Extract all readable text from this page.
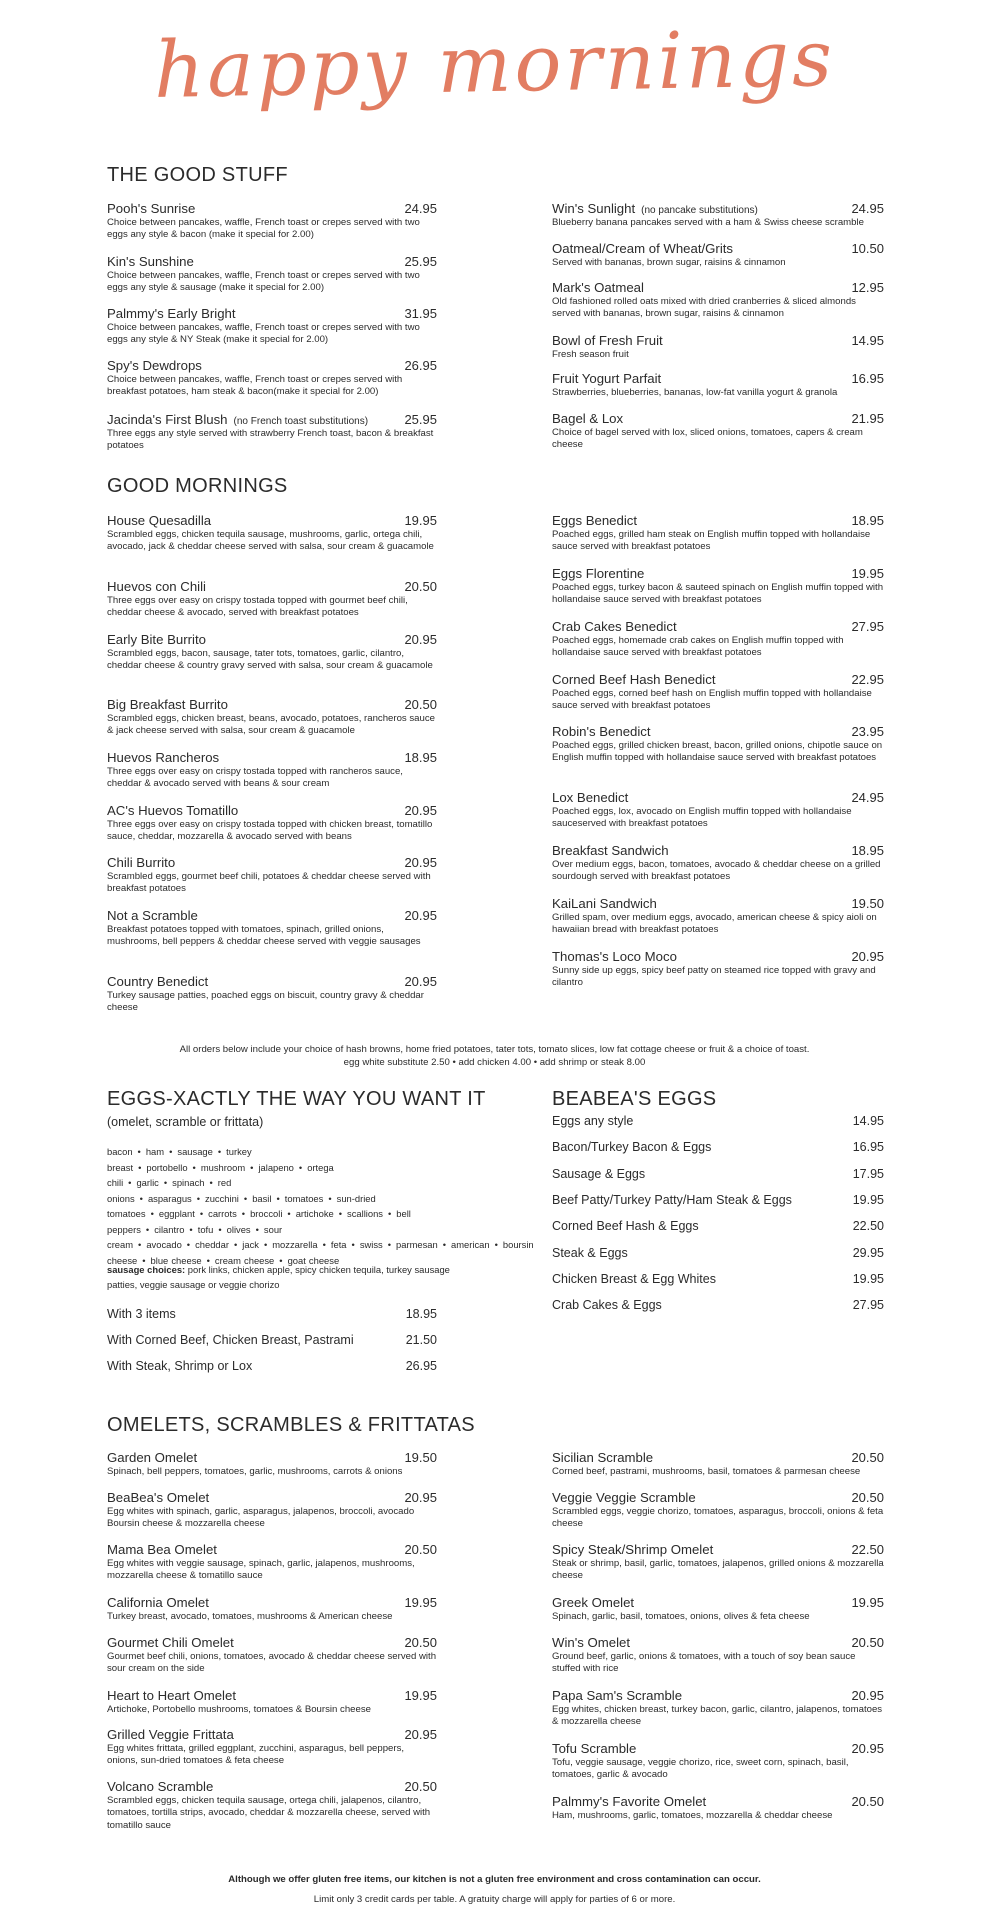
happy mornings
THE GOOD STUFF
Pooh's Sunrise	24.95
Choice between pancakes, waffle, French toast or crepes served with two eggs any style & bacon (make it special for 2.00)
Kin's Sunshine	25.95
Choice between pancakes, waffle, French toast or crepes served with two eggs any style & sausage (make it special for 2.00)
Palmmy's Early Bright	31.95
Choice between pancakes, waffle, French toast or crepes served with two eggs any style & NY Steak (make it special for 2.00)
Spy's Dewdrops	26.95
Choice between pancakes, waffle, French toast or crepes served with breakfast potatoes, ham steak & bacon(make it special for 2.00)
Jacinda's First Blush (no French toast substitutions)	25.95
Three eggs any style served with strawberry French toast, bacon & breakfast potatoes
Win's Sunlight (no pancake substitutions)	24.95
Blueberry banana pancakes served with a ham & Swiss cheese scramble
Oatmeal/Cream of Wheat/Grits	10.50
Served with bananas, brown sugar, raisins & cinnamon
Mark's Oatmeal	12.95
Old fashioned rolled oats mixed with dried cranberries & sliced almonds served with bananas, brown sugar, raisins & cinnamon
Bowl of Fresh Fruit	14.95
Fresh season fruit
Fruit Yogurt Parfait	16.95
Strawberries, blueberries, bananas, low-fat vanilla yogurt & granola
Bagel & Lox	21.95
Choice of bagel served with lox, sliced onions, tomatoes, capers & cream cheese
GOOD MORNINGS
House Quesadilla	19.95
Scrambled eggs, chicken tequila sausage, mushrooms, garlic, ortega chili, avocado, jack & cheddar cheese served with salsa, sour cream & guacamole
Huevos con Chili	20.50
Three eggs over easy on crispy tostada topped with gourmet beef chili, cheddar cheese & avocado, served with breakfast potatoes
Early Bite Burrito	20.95
Scrambled eggs, bacon, sausage, tater tots, tomatoes, garlic, cilantro, cheddar cheese & country gravy served with salsa, sour cream & guacamole
Big Breakfast Burrito	20.50
Scrambled eggs, chicken breast, beans, avocado, potatoes, rancheros sauce & jack cheese served with salsa, sour cream & guacamole
Huevos Rancheros	18.95
Three eggs over easy on crispy tostada topped with rancheros sauce, cheddar & avocado served with beans & sour cream
AC's Huevos Tomatillo	20.95
Three eggs over easy on crispy tostada topped with chicken breast, tomatillo sauce, cheddar, mozzarella & avocado served with beans
Chili Burrito	20.95
Scrambled eggs, gourmet beef chili, potatoes & cheddar cheese served with breakfast potatoes
Not a Scramble	20.95
Breakfast potatoes topped with tomatoes, spinach, grilled onions, mushrooms, bell peppers & cheddar cheese served with veggie sausages
Country Benedict	20.95
Turkey sausage patties, poached eggs on biscuit, country gravy & cheddar cheese
Eggs Benedict	18.95
Poached eggs, grilled ham steak on English muffin topped with hollandaise sauce served with breakfast potatoes
Eggs Florentine	19.95
Poached eggs, turkey bacon & sauteed spinach on English muffin topped with hollandaise sauce served with breakfast potatoes
Crab Cakes Benedict	27.95
Poached eggs, homemade crab cakes on English muffin topped with hollandaise sauce served with breakfast potatoes
Corned Beef Hash Benedict	22.95
Poached eggs, corned beef hash on English muffin topped with hollandaise sauce served with breakfast potatoes
Robin's Benedict	23.95
Poached eggs, grilled chicken breast, bacon, grilled onions, chipotle sauce on English muffin topped with hollandaise sauce served with breakfast potatoes
Lox Benedict	24.95
Poached eggs, lox, avocado on English muffin topped with hollandaise sauceserved with breakfast potatoes
Breakfast Sandwich	18.95
Over medium eggs, bacon, tomatoes, avocado & cheddar cheese on a grilled sourdough served with breakfast potatoes
KaiLani Sandwich	19.50
Grilled spam, over medium eggs, avocado, american cheese & spicy aioli on hawaiian bread with breakfast potatoes
Thomas's Loco Moco	20.95
Sunny side up eggs, spicy beef patty on steamed rice topped with gravy and cilantro
All orders below include your choice of hash browns, home fried potatoes, tater tots, tomato slices, low fat cottage cheese or fruit & a choice of toast.
egg white substitute 2.50 • add chicken 4.00 • add shrimp or steak 8.00
EGGS-XACTLY THE WAY YOU WANT IT
(omelet, scramble or frittata)
bacon • ham • sausage • turkey breast • portobello • mushroom • jalapeno • ortega chili • garlic • spinach • red onions • asparagus • zucchini • basil • tomatoes • sun-dried tomatoes • eggplant • carrots • broccoli • artichoke • scallions • bell peppers • cilantro • tofu • olives • sour cream • avocado • cheddar • jack • mozzarella • feta • swiss • parmesan • american • boursin cheese • blue cheese • cream cheese • goat cheese
sausage choices: pork links, chicken apple, spicy chicken tequila, turkey sausage patties, veggie sausage or veggie chorizo
With 3 items	18.95
With Corned Beef, Chicken Breast, Pastrami	21.50
With Steak, Shrimp or Lox	26.95
BEABEA'S EGGS
Eggs any style	14.95
Bacon/Turkey Bacon & Eggs	16.95
Sausage & Eggs	17.95
Beef Patty/Turkey Patty/Ham Steak & Eggs	19.95
Corned Beef Hash & Eggs	22.50
Steak & Eggs	29.95
Chicken Breast & Egg Whites	19.95
Crab Cakes & Eggs	27.95
OMELETS, SCRAMBLES & FRITTATAS
Garden Omelet	19.50
Spinach, bell peppers, tomatoes, garlic, mushrooms, carrots & onions
BeaBea's Omelet	20.95
Egg whites with spinach, garlic, asparagus, jalapenos, broccoli, avocado Boursin cheese & mozzarella cheese
Mama Bea Omelet	20.50
Egg whites with veggie sausage, spinach, garlic, jalapenos, mushrooms, mozzarella cheese & tomatillo sauce
California Omelet	19.95
Turkey breast, avocado, tomatoes, mushrooms & American cheese
Gourmet Chili Omelet	20.50
Gourmet beef chili, onions, tomatoes, avocado & cheddar cheese served with sour cream on the side
Heart to Heart Omelet	19.95
Artichoke, Portobello mushrooms, tomatoes & Boursin cheese
Grilled Veggie Frittata	20.95
Egg whites frittata, grilled eggplant, zucchini, asparagus, bell peppers, onions, sun-dried tomatoes & feta cheese
Volcano Scramble	20.50
Scrambled eggs, chicken tequila sausage, ortega chili, jalapenos, cilantro, tomatoes, tortilla strips, avocado, cheddar & mozzarella cheese, served with tomatillo sauce
Sicilian Scramble	20.50
Corned beef, pastrami, mushrooms, basil, tomatoes & parmesan cheese
Veggie Veggie Scramble	20.50
Scrambled eggs, veggie chorizo, tomatoes, asparagus, broccoli, onions & feta cheese
Spicy Steak/Shrimp Omelet	22.50
Steak or shrimp, basil, garlic, tomatoes, jalapenos, grilled onions & mozzarella cheese
Greek Omelet	19.95
Spinach, garlic, basil, tomatoes, onions, olives & feta cheese
Win's Omelet	20.50
Ground beef, garlic, onions & tomatoes, with a touch of soy bean sauce stuffed with rice
Papa Sam's Scramble	20.95
Egg whites, chicken breast, turkey bacon, garlic, cilantro, jalapenos, tomatoes & mozzarella cheese
Tofu Scramble	20.95
Tofu, veggie sausage, veggie chorizo, rice, sweet corn, spinach, basil, tomatoes, garlic & avocado
Palmmy's Favorite Omelet	20.50
Ham, mushrooms, garlic, tomatoes, mozzarella & cheddar cheese
Although we offer gluten free items, our kitchen is not a gluten free environment and cross contamination can occur.
Limit only 3 credit cards per table. A gratuity charge will apply for parties of 6 or more.
